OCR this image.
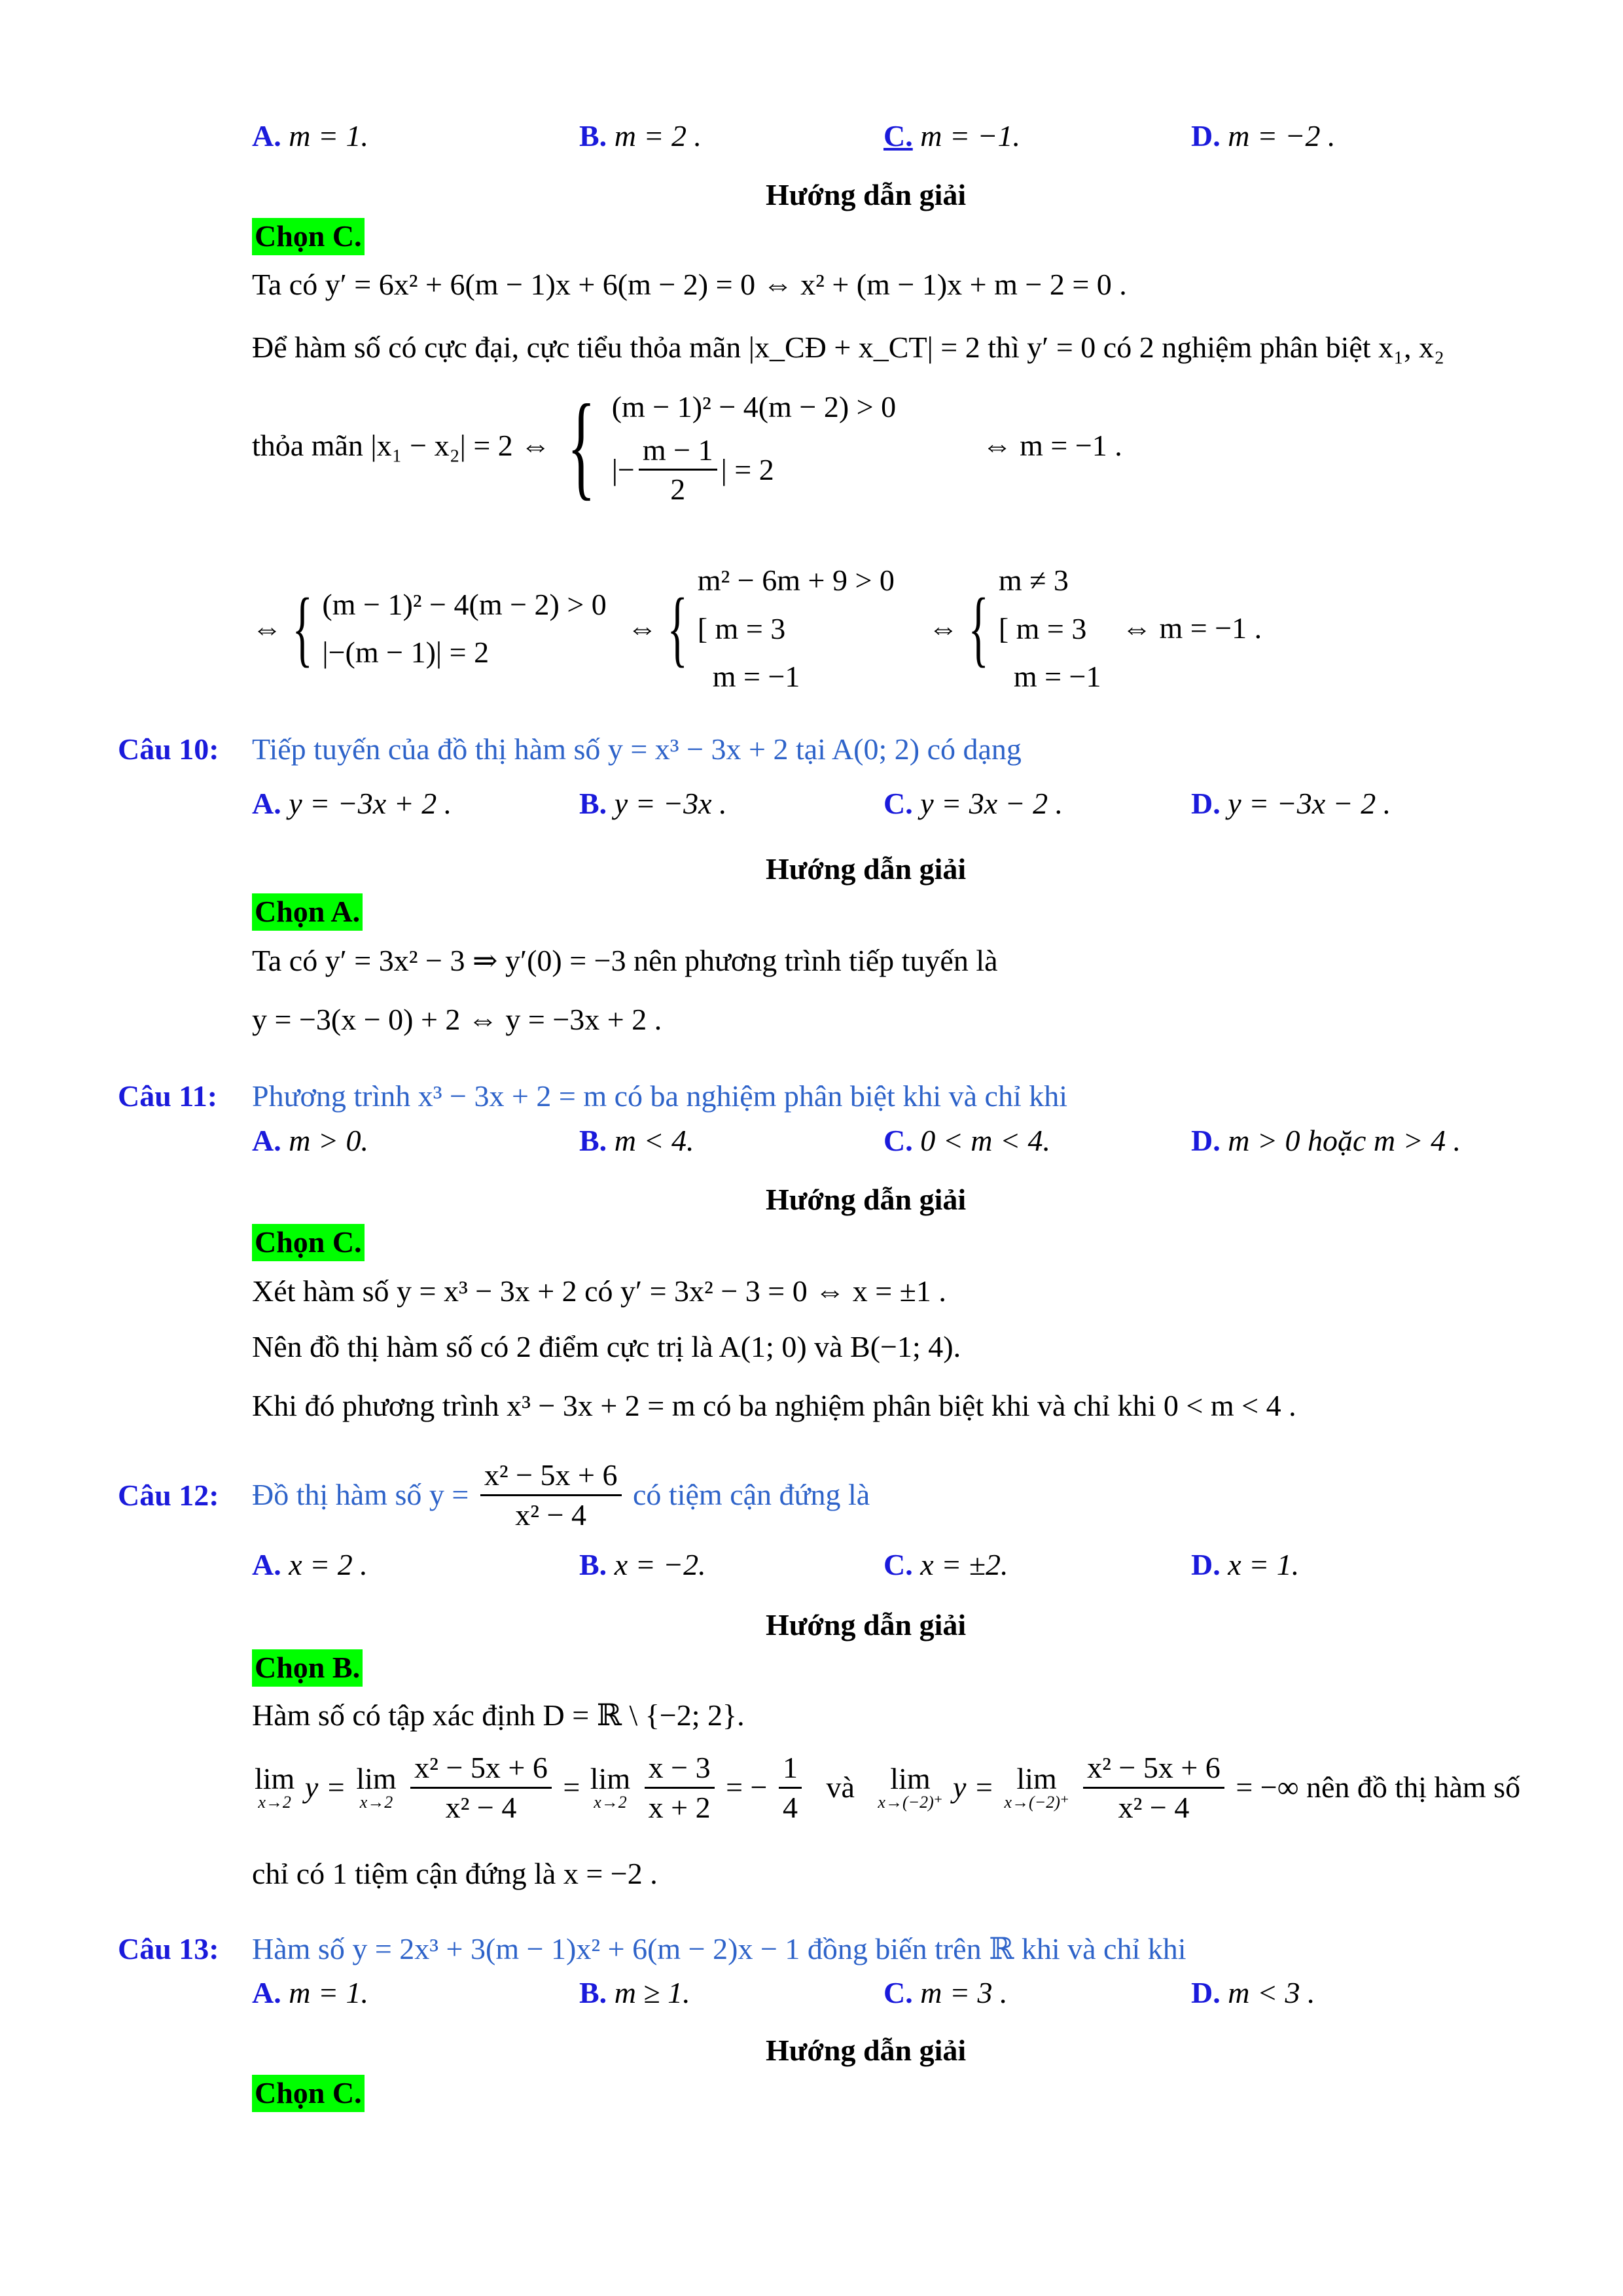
A. m = 1.	B. m = 2 .	C. m = −1.	D. m = −2 .
Hướng dẫn giải
Chọn C.
Ta có y′ = 6x² + 6(m − 1)x + 6(m − 2) = 0 ⇔ x² + (m − 1)x + m − 2 = 0 .
Để hàm số có cực đại, cực tiểu thỏa mãn |x_CĐ + x_CT| = 2 thì y′ = 0 có 2 nghiệm phân biệt x₁, x₂
thỏa mãn |x₁ − x₂| = 2 ⇔ { (m − 1)² − 4(m − 2) > 0
|− $\frac{m - 1}{2}$ | = 2
⇔ m = −1 .
⇔ { (m − 1)² − 4(m − 2) > 0
|−(m − 1)| = 2
⇔ {
m² − 6m + 9 > 0
[ m = 3
m = −1
⇔ {
m ≠ 3
[ m = 3
m = −1
⇔ m = −1 .
Câu 10: Tiếp tuyến của đồ thị hàm số y = x³ − 3x + 2 tại A(0; 2) có dạng
A. y = −3x + 2 .	B. y = −3x .	C. y = 3x − 2 .	D. y = −3x − 2 .
Hướng dẫn giải
Chọn A.
Ta có y′ = 3x² − 3 ⇒ y′(0) = −3 nên phương trình tiếp tuyến là
y = −3(x − 0) + 2 ⇔ y = −3x + 2 .
Câu 11: Phương trình x³ − 3x + 2 = m có ba nghiệm phân biệt khi và chỉ khi
A. m > 0.	B. m < 4.	C. 0 < m < 4.	D. m > 0 hoặc m > 4 .
Hướng dẫn giải
Chọn C.
Xét hàm số y = x³ − 3x + 2 có y′ = 3x² − 3 = 0 ⇔ x = ±1 .
Nên đồ thị hàm số có 2 điểm cực trị là A(1; 0) và B(−1; 4).
Khi đó phương trình x³ − 3x + 2 = m có ba nghiệm phân biệt khi và chỉ khi 0 < m < 4 .
Câu 12: Đồ thị hàm số $y = \frac{\text{x² − 5x + 6}}{\text{x² − 4}}$ có tiệm cận đứng là
A. x = 2 .	B. x = −2.	C. x = ±2.	D. x = 1.
Hướng dẫn giải
Chọn B.
Hàm số có tập xác định D = ℝ \ {−2; 2}.
lim
x→2 y = lim
x→2
$\frac{\text{x² − 5x + 6}}{\text{x² − 4}} = \lim$
x→2
$\frac{x - 3}{x + 2}$ = − $\frac{1}{4}$ và lim
x→(−2)⁺ y = lim
x→(−2)⁺
$\frac{\text{x² − 5x + 6}}{\text{x² − 4}}$ = −∞ nên đồ thị hàm số
chỉ có 1 tiệm cận đứng là x = −2 .
Câu 13: Hàm số y = 2x³ + 3(m − 1)x² + 6(m − 2)x − 1 đồng biến trên ℝ khi và chỉ khi
A. m = 1.	B. m ≥ 1.	C. m = 3 .	D. m < 3 .
Hướng dẫn giải
Chọn C.
